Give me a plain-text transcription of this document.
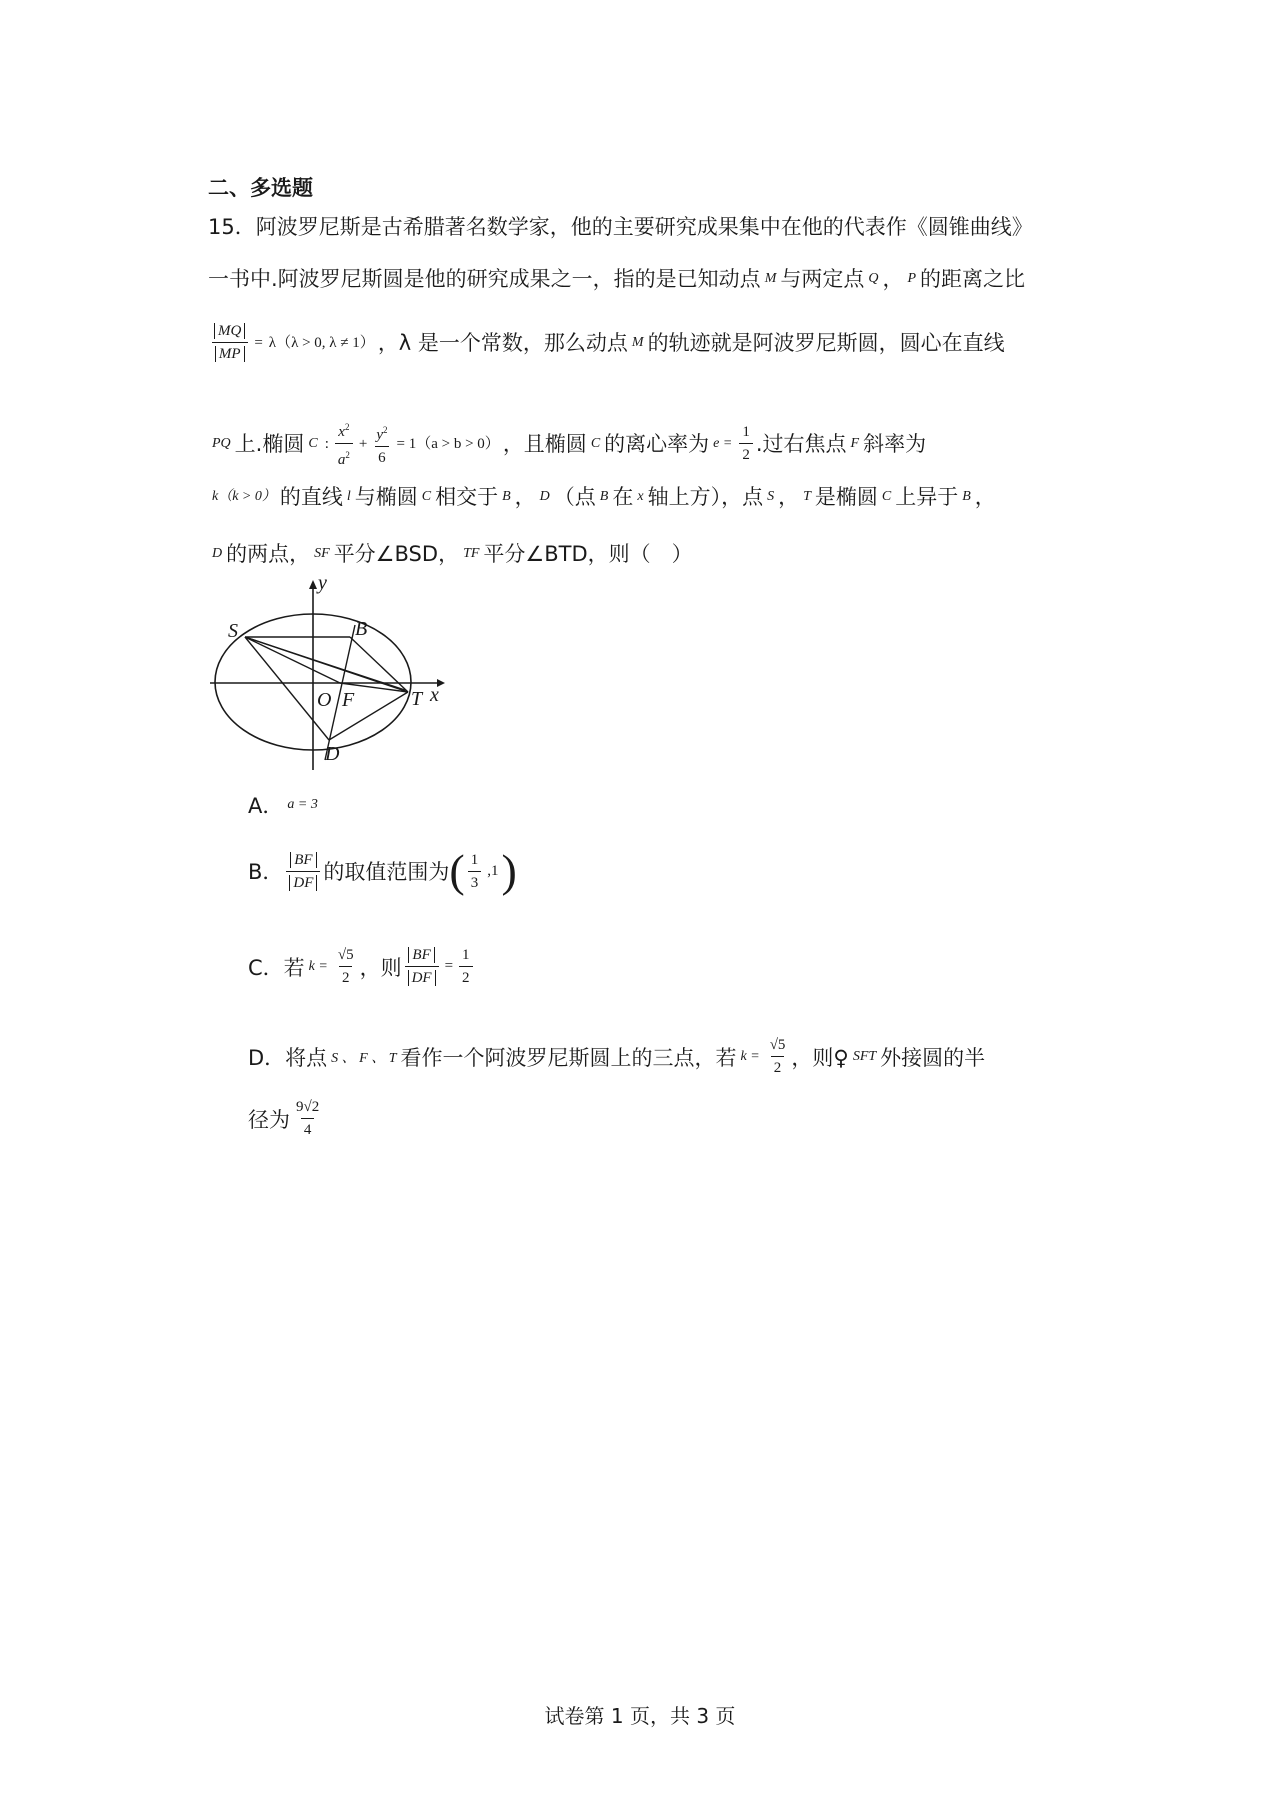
二、多选题
15． 阿波罗尼斯是古希腊著名数学家，他的主要研究成果集中在他的代表作《圆锥曲线》
一书中.阿波罗尼斯圆是他的研究成果之一，指的是已知动点 M 与两定点 Q ， P 的距离之比
$\frac{MQ}{MP} = \lambda(\lambda > 0$, λ ≠ 1） ，λ 是一个常数，那么动点 M 的轨迹就是阿波罗尼斯圆，圆心在直线
PQ 上.椭圆 C : $\frac{x^2}{a^2} + \frac{y^2}{6} = 1(a > b > 0)$ ，且椭圆 C 的离心率为 $e = \frac{1}{2}$ .过右焦点 F 斜率为
k（k > 0） 的直线 l 与椭圆 C 相交于 B ， D （点 B 在 x 轴上方），点 S ， T 是椭圆 C 上异于 B ，
D 的两点， SF 平分∠BSD ， TF 平分∠BTD ，则（　）
y
x
S	B
O F	T
D
A． a = 3
B． $\frac{BF}{DF}$ 的取值范围为 ( $\frac{1}{3} ,1$ )
C．若 $k = \frac{√5}{2}$ ，则 $\frac{BF}{DF} = \frac{1}{2}$
D．将点 S 、 F 、 T 看作一个阿波罗尼斯圆上的三点，若 $k = \frac{√5}{2}$ ，则♀ SFT 外接圆的半
径为 $\frac{9√2}{4}$
试卷第 1 页，共 3 页
